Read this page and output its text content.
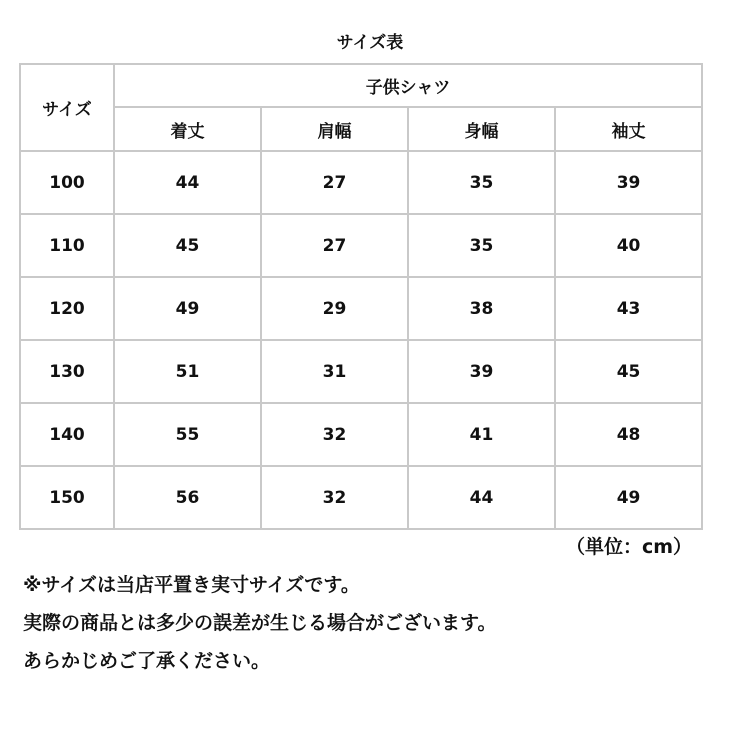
サイズ表
サイズ	子供シャツ			
	着丈	肩幅	身幅	袖丈
100	44	27	35	39
110	45	27	35	40
120	49	29	38	43
130	51	31	39	45
140	55	32	41	48
150	56	32	44	49
（単位：cm）

※サイズは当店平置き実寸サイズです。

実際の商品とは多少の誤差が生じる場合がございます。

あらかじめご了承ください。
